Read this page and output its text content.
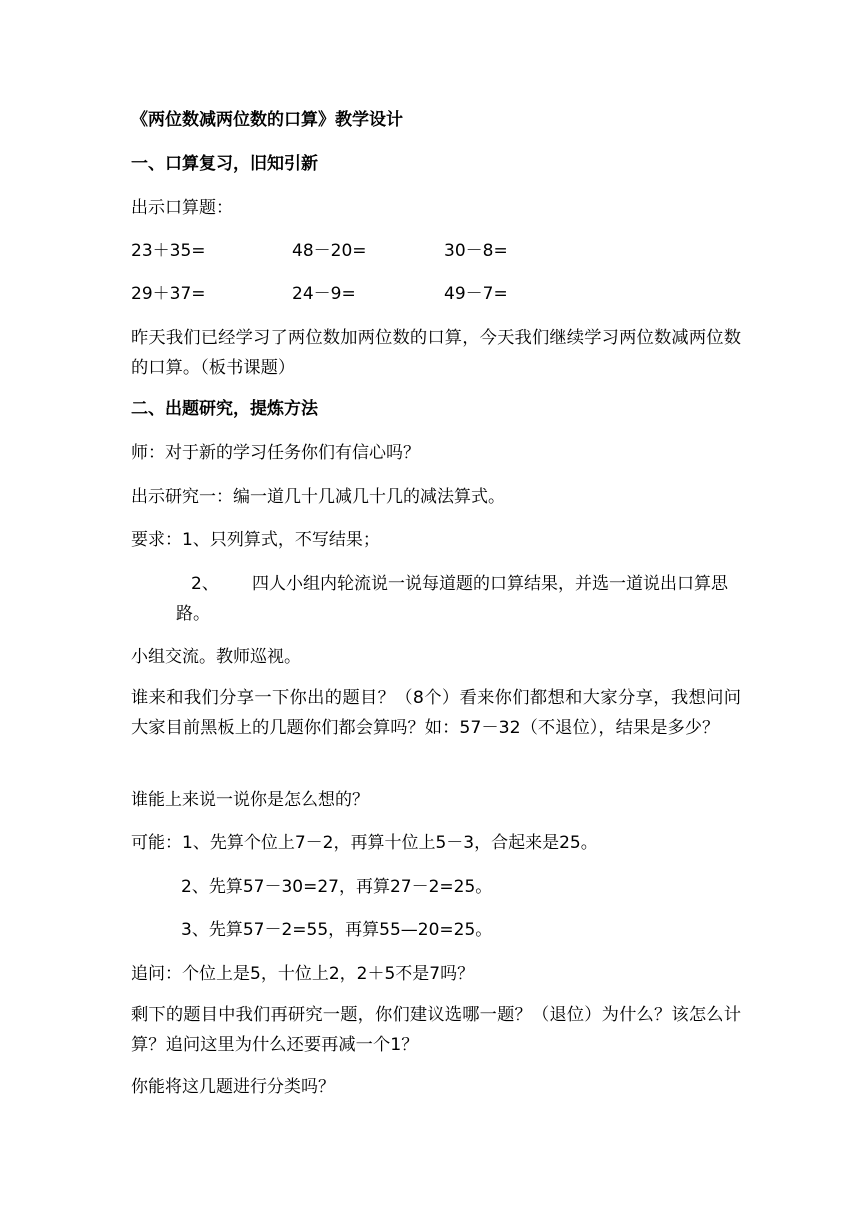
《两位数减两位数的口算》教学设计
一、口算复习，旧知引新
出示口算题：
23＋35=	48－20=	30－8=
29＋37=	24－9=	49－7=
昨天我们已经学习了两位数加两位数的口算，今天我们继续学习两位数减两位数的口算。（板书课题）
二、出题研究，提炼方法
师：对于新的学习任务你们有信心吗？
出示研究一：编一道几十几减几十几的减法算式。
要求：1、只列算式，不写结果；
2、	四人小组内轮流说一说每道题的口算结果，并选一道说出口算思路。
小组交流。教师巡视。
谁来和我们分享一下你出的题目？（8个）看来你们都想和大家分享，我想问问大家目前黑板上的几题你们都会算吗？如：57－32（不退位），结果是多少？
谁能上来说一说你是怎么想的？
可能：1、先算个位上7－2，再算十位上5－3，合起来是25。
2、先算57－30=27，再算27－2=25。
3、先算57－2=55，再算55—20=25。
追问：个位上是5，十位上2，2＋5不是7吗？
剩下的题目中我们再研究一题，你们建议选哪一题？（退位）为什么？该怎么计算？追问这里为什么还要再减一个1？
你能将这几题进行分类吗？
